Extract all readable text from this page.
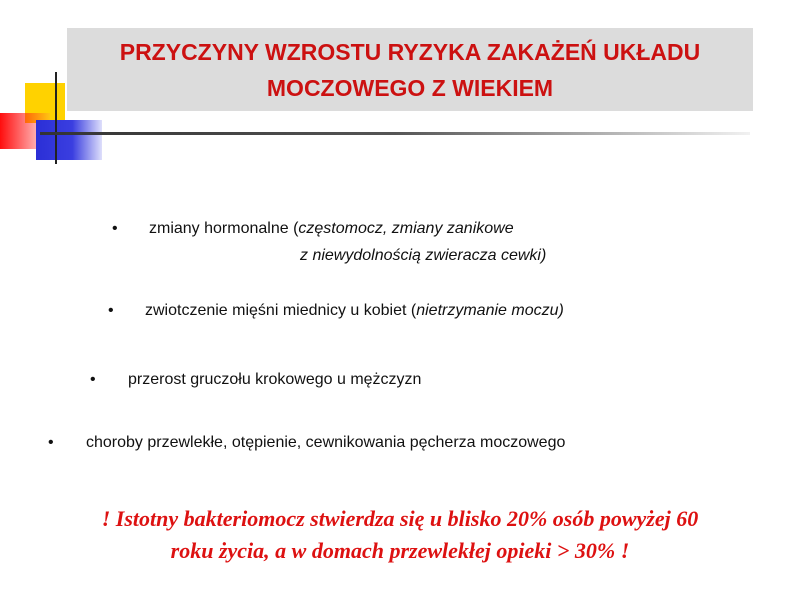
PRZYCZYNY WZROSTU RYZYKA ZAKAŻEŃ UKŁADU
MOCZOWEGO Z WIEKIEM
• zmiany hormonalne (częstomocz, zmiany zanikowe
z niewydolnością zwieracza cewki)
• zwiotczenie mięśni miednicy u kobiet (nietrzymanie moczu)
• przerost gruczołu krokowego u mężczyzn
• choroby przewlekłe, otępienie, cewnikowania pęcherza moczowego
! Istotny bakteriomocz stwierdza się u blisko 20% osób powyżej 60
roku życia, a w domach przewlekłej opieki > 30% !
